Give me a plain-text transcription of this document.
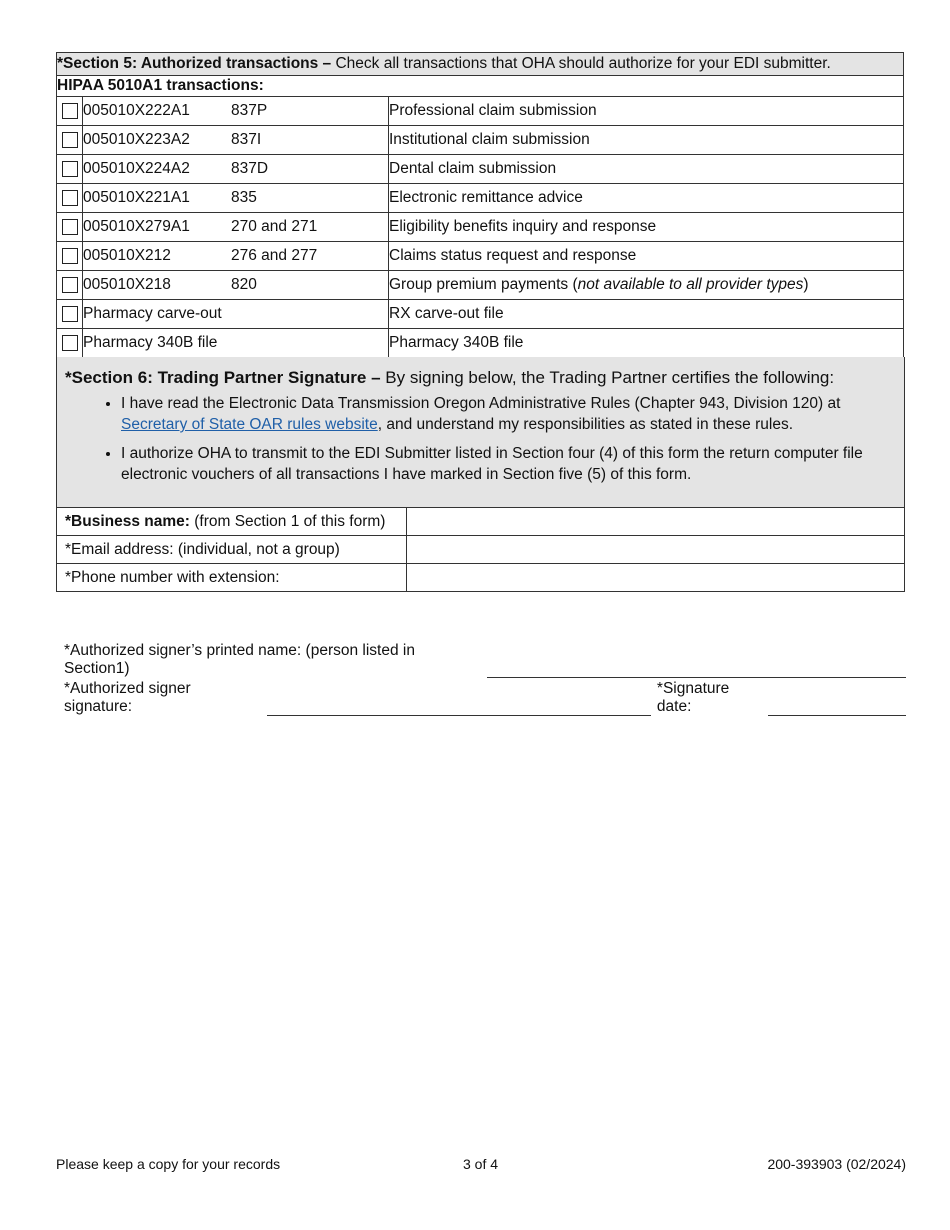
*Section 5: Authorized transactions – Check all transactions that OHA should authorize for your EDI submitter.		
HIPAA 5010A1 transactions:		
	005010X222A1 837P	Professional claim submission
	005010X223A2 837I	Institutional claim submission
	005010X224A2 837D	Dental claim submission
	005010X221A1 835	Electronic remittance advice
	005010X279A1 270 and 271	Eligibility benefits inquiry and response
	005010X212 276 and 277	Claims status request and response
	005010X218 820	Group premium payments (not available to all provider types)
	Pharmacy carve-out	RX carve-out file
	Pharmacy 340B file	Pharmacy 340B file
*Section 6: Trading Partner Signature – By signing below, the Trading Partner certifies the following:
• I have read the Electronic Data Transmission Oregon Administrative Rules (Chapter 943, Division 120) at Secretary of State OAR rules website, and understand my responsibilities as stated in these rules.
• I authorize OHA to transmit to the EDI Submitter listed in Section four (4) of this form the return computer file electronic vouchers of all transactions I have marked in Section five (5) of this form.
*Business name: (from Section 1 of this form)	
*Email address: (individual, not a group)	
*Phone number with extension:	
*Authorized signer’s printed name: (person listed in Section1)
*Authorized signer signature:
*Signature date:
Please keep a copy for your records	3 of 4	200-393903 (02/2024)
